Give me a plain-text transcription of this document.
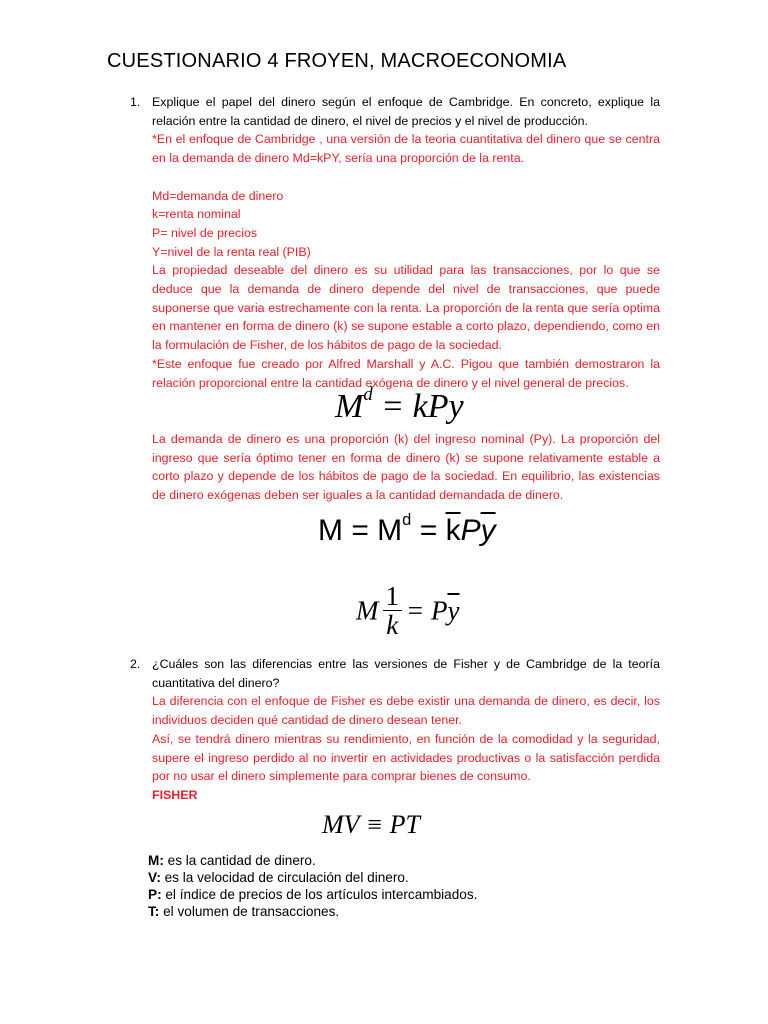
CUESTIONARIO 4 FROYEN, MACROECONOMIA
1. Explique el papel del dinero según el enfoque de Cambridge. En concreto, explique la relación entre la cantidad de dinero, el nivel de precios y el nivel de producción.

*En el enfoque de Cambridge , una versión de la teoria cuantitativa del dinero que se centra en la demanda de dinero Md=kPY, sería una proporción de la renta.

Md=demanda de dinero

k=renta nominal

P= nivel de precios

Y=nivel de la renta real (PIB)

La propiedad deseable del dinero es su utilidad para las transacciones, por lo que se deduce que la demanda de dinero depende del nivel de transacciones, que puede suponerse que varia estrechamente con la renta. La proporción de la renta que sería optima en mantener en forma de dinero (k) se supone estable a corto plazo, dependiendo, como en la formulación de Fisher, de los hábitos de pago de la sociedad.

*Este enfoque fue creado por Alfred Marshall y A.C. Pigou que también demostraron la relación proporcional entre la cantidad exógena de dinero y el nivel general de precios.

$M^d$ = kPy

La demanda de dinero es una proporción (k) del ingreso nominal (Py). La proporción del ingreso que sería óptimo tener en forma de dinero (k) se supone relativamente estable a corto plazo y depende de los hábitos de pago de la sociedad. En equilibrio, las existencias de dinero exógenas deben ser iguales a la cantidad demandada de dinero.

$M = M^d = \overline{k}P\overline{y}$
M $\frac{1}{k} = P\overline{y}$
2. ¿Cuáles son las diferencias entre las versiones de Fisher y de Cambridge de la teoría cuantitativa del dinero?

La diferencia con el enfoque de Fisher es debe existir una demanda de dinero, es decir, los individuos deciden qué cantidad de dinero desean tener.

Así, se tendrá dinero mientras su rendimiento, en función de la comodidad y la seguridad, supere el ingreso perdido al no invertir en actividades productivas o la satisfacción perdida por no usar el dinero simplemente para comprar bienes de consumo.

FISHER

MV ≡ PT
M: es la cantidad de dinero.
V: es la velocidad de circulación del dinero.
P: el índice de precios de los artículos intercambiados.
T: el volumen de transacciones.
